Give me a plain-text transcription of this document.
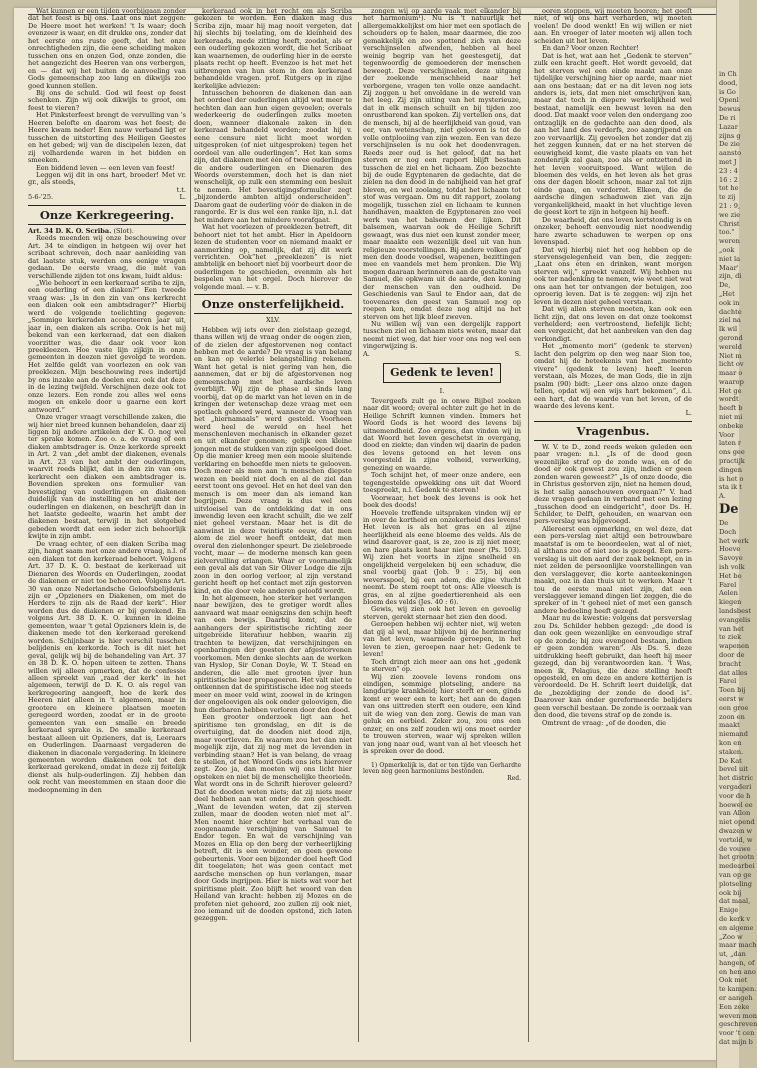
Wat kunnen er een tijden voorbijgaan zonder dat het feest is bij ons. Laat ons niet zeggen: De Heere moet het werken! 't Is waar; doch evenzeer is waar, en dit drukke ons, zonder dat het eerste ons ruste geeft, dat het onze onrechtigheden zijn, die eene scheiding maken tusschen ons en onzen God, onze zonden, die het aangezicht des Heeren van ons verbergen, en — dat wij het buiten de aanvoeling van Gods gemeenschap zoo lang en dikwijls zoo goed kunnen stellen.

Bij ons de schuld. God wil feest op feest schenken. Zijn wij ook dikwijls te groot, om feest te vieren?

Het Pinksterfeest brengt de vervulling van 's Heeren belofte en daarom was het feest; de Heere kwam neder! Een nauw verband ligt er tusschen de uitstorting des Heiligen Geestes en het gebed; wij van de discipelen lezen, dat zij volhardende waren in het bidden en smeeken.

Een biddend leven — een leven van feest!

Leggen wij dit in ons hart, broeder! Met vr. gr., als steeds,

t.t.
5-6-'25.	L.
Onze Kerkregeering.

Art. 34 D. K. O. Scriba. (Slot).

Reeds meenden wij onze beschouwing over Art. 34 te eindigen in hetgeen wij over het scribaat schreven, doch naar aanleiding van dat laatste stuk, werden ons eenige vragen gedaan. De eerste vraag, die mèt van verschillende zijden tot ons kwam, luidt aldus:

„Wie behoort in een kerkeraad scriba te zijn, een ouderling of een diaken?” Een tweede vraag was: „Is in den zin van ons kerkrecht een diaken ook een ambtsdrager?” Hierbij werd de volgende toelichting gegeven: „Sommige kerkeraden accepteeren jaar uit, jaar in, een diaken als scriba. Ook is het mij bekend van een kerkeraad, dat een diaken voorzitter was, die daar ook voor kon preekleezen. Hoe vaste lijn zijkijn in onze gemeenten in deezen niet gevolgd te worden. Het zelfde geldt van voorlezen en ook van preeklezen. Mijn beschouwing rees indertijd by ons inzake aan de doelen enz. ook dat deze in de lezing twijfeld. Verschijnen deze ook tot onze lezers. Een ronde zou alles wel eens mogen en enkele door u gaarne een kort antwoord.”

Onze vrager vraagt verschillende zaken, die wij hier niet breed kunnen behandelen, daar zij liggen bij andere artikelen der K. O. nog wel ter sprake komen. Zoo o. a. de vraag of een diaken ambtsdrager is. Onze kerkorde spreekt in Art. 2 van „det ambt der diakenen, evenals in Art. 23 van het ambt der ouderlingen, waarvit reeds blijkt, dat in den zin van ons kerkrecht een diaken een ambtsdrager is. Bovendien spreken ons formulier van bevestiging van ouderlingen en diakenen duidelijk van de instelling en het ambt der ouderlingen en diakenen, en beschrijft dan in het laatste gedeelte, waarin het ambt der diakenen bestaat, terwijl in het slotgebed gebeden wordt dat een ieder zich behoorlijk kwijte in zijn ambt.

De vraag echter, of een diaken Scriba mag zijn, hangt saam met onze andere vraag, n.l. of een diaken tot den kerkeraad behoort. Volgens Art. 37 D. K. O. bestaat de kerkeraad uit Dienaren des Woords en Ouderlingen, zoodat de diakenen er niet toe behooren. Volgens Art. 30 van onze Nederlandsche Geloofsbelijdenis zijn er „Opzieners en Diakenen, om met de Herders te zijn als de Raad der kerk”. Hier worden dus de diakenen er bij gerekend. En volgens Art. 38 D. K. O. kunnen in kleine gemeenten, waar 't getal Opzieners klein is, de diakenen mede tot den kerkeraad gerekend worden. Schijnbaar is hier verschil tusschen belijdenis en kerkorde. Toch is dit niet het geval, gelijk wij bij de behandeling van Art. 37 en 38 D. K. O. hopen uiteen te zetten. Thans willen wij alleen opmerken, dat de confessie alleen spreekt van „raad der kerk” in het algemeen, terwijl de D. K. O. als regel van kerkregeering aangeeft, hoe de kerk des Heeren niet alleen in 't algemeen, maar in grootere en kleinere plaatsen moeten geregeerd worden, zoodat er in de groote gemeenten van een smalle en breede kerkeraad sprake is. De smalle kerkeraad bestaat alleen uit Opzieners, dat is, Leeraars en Ouderlingen. Daarnaast vergaderen de diakenen in diaconale vergadering. In kleinere gemeenten worden diakenen ook tot den kerkeraad gerekend, omdat in deze zij feitelijk dienst als hulp-ouderlingen. Zij hebben dan ook recht van meestemmen en staan door die medeopneming in den

kerkeraad ook in het recht om als Scriba gekozen te worden. Een diaken mag dus Scriba zijn, maar hij mag nooit vergeten, dat hij slechts bij toelating, om de kleinheid des kerkeraads, mede zitting heeft, zoodat, als er een ouderling gekozen wordt, die het Scribaat kan waarnemen, de ouderling hier in de eerste plaats recht op heeft. Evenzoo is het met het uitbrengen van hun stem in den kerkeraad behandelde vragen. prof. Rutgers op in zijne kerkelijke adviezen:

Intusschen behooren de diakenen dan aan het oordeel der ouderlingen altijd wat meer te hechten dan aan hun eigen gevoelen; overals wederkeerig de ouderlingen zulks moeten doen, wanneer diakonale zaken in den kerkeraad behandeld worden; zoodat hij v. eene censure niet licht moet worden uitgesproken (of niet uitgesproken) tegen het oordeel van alle ouderlingen”. Het kan soms zijn, dat diakenen met één of twee ouderlingen de andere ouderlingen en Dienaren des Woords overstemmen, doch het is dan niet wenschelijk, op zulk een stemming een besluit te nemen. Het bevestigingsformulier zegt „bijzonderde ambten altijd onderscheiden”. Daarom gaat de ouderling vóór de diaken in de rangorde. Er is dus wel een ranke lijn, n.l. dat het mindere aan het mindere voorafgaat.

Wat het voorlezen of preeklezen betreft, dit behoort niet tot het ambt. Hier in Apeldoorn lezen de studenten voor en niemand maakt er aanmerking op, namelijk, dat zij dit werk verrichten. Ook”het „preeklezen” is niet ambtelijk en behoort niet bij voorbeurt door de ouderlingen te geschieden, evenmin als het bespelen van het orgel. Doch hierover de volgende maal. — v. B.

Onze onsterfelijkheid.
XLV.

Hebben wij iets over den zielstaap gezegd, thans willen wij de vraag onder de oogen zien, of de zielen der afgestorvenen nog contact hebben met de aarde? De vraag is van belang en kan op velerlei belangstelling rekenen. Want het getal is niet gering van hen, die aannemen, dat er bij de afgestorvenen nog gemeenschap met het aardsche leven overblijft. Wij zijn de phase al sinds lang voorbij, dat op de markt van het leven en in de kringen der wetenschap deze vraag met een spotlach gehoord werd, wanneer de vraag van het „hiernamaals” werd gesteld. Voorheen werd heel de wereld en heel het menschenleven mechanisch in elkander gezet en uit elkander genomen; gelijk een kleine jongen met de stukken van zijn speelgoed doet. Op die manier kreeg men een mooie sluitende verklaring en behoefde men niets te gelooven. Doch meer als men aan 'n menschen diepste wezen en beeld niet doch en al de ziel dan eerst toont ons gevoel. Het en het deel van den mensch is om meer dan als iemand kan begrijpen. Deze vraag is dus wel een uitvloeisel van de ontdekking dat in ons inwendig leven een kracht schuilt, die we zelf niet geheel verstaan. Maar het is dit de aanwinst in deze twintigste eeuw, dat men alom de ziel weer heeft ontdekt, dat men overal den zielenhonger speurt. De zielebroede vocht, maar — de moderne mensch kan geen zielvervulling erlangen. Waar er voornamelijk een geval als dat van Sir Oliver Lodge die zijn zoon in den oorlog verloor, al zijn verstand gericht heeft op het contact met zijn gestorven kind, en die door vele anderen geloofd wordt.

In het algemeen, hoe sterker het verlangen naar bewijzen, des te gretiger wordt alles aanvaard wat maar eenigszins den schijn heeft van een bewijs. Daarbij komt, dat de aanhangers der spiritistische richting zeer uitgebreide literatuur hebben, waarin zij trachten te bewijzen, dat verschijningen en openbaringen der geesten der afgestorvenen voorkomen. Men denke slechts aan de werken van Hyslop, Sir Conan Doyle, W. T. Stead en anderen, die alle met grooten ijver hun spiritistische leer propageeren. Het valt niet te ontkennen dat de spiritistische idee nog steeds meer en meer veld wint, zoowel in de kringen der ongeloovigen als ook onder geloovigen, die hun dierbaren hebben verloren door den dood.

Een grooter onderzoek ligt aan het spiritisme ten grondslag, en dit is de overtuiging, dat de dooden niet dood zijn, maar voortleven. En waarom zou het dan niet mogelijk zijn, dat zij nog met de levenden in verbinding staan? Het is van belang, de vraag te stellen, of het Woord Gods ons iets hierover zegt. Zoo ja, dan moeten wij ons licht hier opsteken en niet bij de menschelijke theorieën. Wat wordt ons in de Schrift hierover geleerd? Dat de dooden weten niets; dat zij niets meer deel hebben aan wat onder de zon geschiedt. „Want de levenden weten, dat zij sterven zullen, maar de dooden weten niet met al”. Men noemt hier echter het verhaal van de zoogenaamde verschijning van Samuel te Endor tegen. En wat de verschijning van Mozes en Elia op den berg der verheerlijking betreft, dit is een wonder, en geen gewone gebeurtenis. Voor een bijzonder doel heeft God dit toegelaten; het was geen contact met aardsche menschen op hun verlangen, maar door Gods ingrijpen. Hier is niets wat voor het spiritisme pleit. Zoo blijft het woord van den Heiland van kracht: hebben zij Mozes en de profeten niet gehoord, zoo zullen zij ook niet, zoo iemand uit de dooden opstond, zich laten gezeggen.

zongen wij op aarde vaak met elkander bij het harmonium¹). Nu is 't natuurlijk het allergemakkelijkst om hier met een spotlach de schouders op te halen, maar daarmee, die zoo gemakkelijk en zoo spottend zich van deze verschijnselen afwenden, hebben al heel weinig begrip van het geestesgetij, dat tegenwoordig de gemoederen der menschen beweegt. Deze verschijnselen, deze uitgang der zoekende menschheid naar het verborgene, vragen ten volle onze aandacht. Zij zoggen u het onvoldane in de wereld van het leeg. Zij zijn uiting van het mysterieuze, dat in elk mensch schuilt en bij tijden zoo onrustbarend kan spoken. Zij vertellen ons, dat de mensch, bij al de heerlijkheid van goud, van eer, van wetenschap, niet gelooven is tot de volle ontplooiing van zijn wezen. Een van deze verschijnselen is nu ook het doodenvragen. Reeds zeer oud is het geloof, dat na het sterven er nog een rapport blijft bestaan tusschen de ziel en het lichaam. Zoo bezochte bij de oude Egyptenaren de gedachte, dat de zielen na den dood in de nabijheid van het graf bleven, en wel zoolang, totdat het lichaam tot stof was vergaan. Om nu dit rapport, zoolang mogelijk, tusschen ziel en lichaam te kunnen handhaven, maakten de Egyptenaren zoo veel werk van het balsemen der lijken. Dit balsemen, waarvan ook de Heilige Schrift gewaagt, was dus niet een kunst zonder meer, maar maakte een wezenlijk deel uit van hun religieuze voorstellingen. Bij andere volken gaf men den doode voedsel, wapenen, bezittingen mee en vaandels met hem pronken. Die Wij mogen daaraan herinneren aan de gestalte van Samuel, die opkwam uit de aarde, den koning der menschen van den oudheid. De Geschiedenis van Saul te Endor aan, dat de toovenares den geest van Samuel nog op roepen kon, omdat deze nog altijd na het sterven om het lijk bleef zweven.

Nu willen wij van een dergelijk rapport tusschen ziel en lichaam niets weten, maar dat neemt niet weg, dat hier voor ons nog wel een vingerwijzing is.

A.	S.
Gedenk te leven!
I.

Tevergeefs zult ge in onwe Bijbel zoeken naar dit woord; overal echter zult ge het in de Heilige Schrift kunnen vinden. Immers het Woord Gods is het woord des levens bij uitnemendheid. Zoo ergens, dan vinden wij in dat Woord het leven geschetst in overgang, dood en ziekte; dan vinden wij daarin de paden des levens getoond en het leven ons voorgesteld in zijne volheid, verwerking, genezing en waarde.

Toch schijnt het, of meer onze andere, een tegengestelde opwekking ons uit dat Woord toespreekt, n.l. Gedenk te sterven!

Voorwaar, het boek des levens is ook het boek des doods!

Hoevele treffende uitspraken vinden wij er in over de kortheid en onzekerheid des levens! Het leven is als het gras en al zijne heerlijkheid als eene bloeme des velds. Als de wind daarover gaat, is ze, zoo is zij niet meer, en hare plaats kent haar niet meer (Ps. 103). Wij zien het voorts in zijne snelheid en ongelijkheid vergeleken bij een schaduw, die snel voorbij gaat (Job. 9 : 25), bij een weversspoel, bij een adem, die zijne vlucht neemt. De stem roept tot ons: Alle vleesch is gras, en al zijne goedertierenheid als een bloem des velds (Jes. 40 : 6).

Gewis, wij zien ook het leven en gevoelig sterven, gerekt sternaar het zien den dood.

Geroepen hebben wij echter niet, wij weten dat gij al wel, maar blijven bij de herinnering van het leven, waarmede geroepen, in het leven te zien, geroepen naar het: Gedenk te leven!

Toch dringt zich meer aan ons het „gedenk te sterven” op.

Wij zien zoovele levens rondom ons eindigen, sommige plotseling, andere na langdurige krankheid; hier sterft er een, ginds komt er weer een te kort; het aan de dagen van ons uittreden sterft een oudere, een kind uit de wieg van den zorg. Gewis de man van geluk en eerbied. Zeker zou, zou ons een onzer, en ons zelf zouden wij ons moet eerder te trouwen sterven, waar wij spreken willen van jong naar oud, want van al het vleesch het is spreken over de dood.

1) Opmerkelijk is, dat er ten tijde van Gerhardte leven nog geen harmoniums bestonden.

Red.

ooren stoppen, wij moeten hooren; het geeft niet, of wij ons hart verharden, wij moeten voelen! De dood wenkt! En wij willen er niet aan. En vroeger of later moeten wij allen toch scheiden uit het leven.

En dan? Voor onzen Rechter!

Dat is het, wat aan het „Gedenk te sterven” zulk een kracht geeft. Het wordt gevoeld, dat het sterven wel een einde maakt aan onze tijdelijke verschijning hier op aarde, maar niet aan ons bestaan; dat er na dit leven nog iets anders is, iets, dat men niet omschrijven kan, maar dat toch in diepere werkelijkheid wel bestaat, namelijk een bewust leven na den dood. Dat maakt voor velen den ondergang zoo ontzaglijk en de gedachte aan den dood, als aan het land des verderfs, zoo aangrijpend en zoo vervaarlijk. Zij gevoelen het zonder dat zij het zeggen kunnen, dat er na het sterven de eeuwigheid komt, die vaste plaats en van het zondenrijk zal gaan, zoo als er ontzettend in het leven vooruitspoed. Want wijlen de bloemen des velds, en het leven als het gras ons der dagen bloeit schoon, maar zal tot zijn einde gaan, en verdorret. Elkeen, die de aardsche dingen schaduwen ziet van zijn vergankelijkheid, maakt in het vluchtige leven de geest kort te zijn in hetgeen hij heeft.

De waarheid, dat ons leven kortstondig is en onzeker, behoeft eenvoudig niet noodwendig hare zwarte schaduwen te werpen op ons levenspad.

Dat wij hierbij niet het oog hebben op de stervensgelegenheid van ben, die zeggen: „Laat ons eten en drinken, want morgen sterven wij,” spreekt vanzelf. Wij hebben nu ook ter nadenking te nemen, wie weet niet wat ons aan het ter ontvangen der betuigen, zoo oproerig leven. Dat is te zeggen: wij zijn het leven in dezen niet geheel verstaan.

Dat wij allen sterven moeten, kan ook een licht zijn, dat ons leven en dat onze toekomst verhelderd; een vertroostend, liefelijk licht; een vergezicht, dat het aanbreken van den dag verkondigt.

Het „momento mori” (gedenk te sterven) lacht den pelgrim op den weg naar Sion toe, omdat hij de beteekenis van het „memento vivere” (gedenk te leven) heeft leeren verstaan, als Mozes, de man Gods, die in zijn psalm (90) bidt: „Leer ons alzoo onze dagen tellen, opdat wij een wijs hart bekomen”, d.i. een hart, dat de waarde van het leven, of de waarde des levens kent.

L.
Vragenbus.

W. V. te D., zond reeds weken geleden een paar vragen: n.l. „Is of de dood geen wezenlijke straf op de zonde was, en of de dood er ook gewest zou zijn, indien er geen zonden waren geweest?” „Is of onze doode, die in Christus gestorven zijn, niet na hemen doud, is het salig aanschouwen overgaan?” V. had deze vragen gedaan in verband met een lezing „tusschen dood en eindgericht”, door Ds. H. Schilder, te Delft, gehouden, en waarvan een pers-verslag was bijgevoegd.

Allereerst een opmerking, en wel deze, dat een pers-verslag niet altijd een betrouwbare maatstaf is om te beoordeelen, wat al of niet, al althans zoo of niet zoo is gezegd. Een pers-verslag is uit den aard der zaak beknopt, en in niet zelden de persoonlijke voorstellingen van den verslaggever, die korte aanteekeningen maakt, ooz in dan thuis uit te werken. Maar 't tou de eerste maal niet zijn, dat een verslaggever iemand dingen liet zeggen, die de spreker of in 't geheel niet of met een gansch andere bedoeling heeft gezegd.

Maar nu de kwestie: volgens dat persverslag zou Ds. Schilder hebben gezegd: „de dood is dan ook geen wezenlijke en eenvoudige straf op de zonde; bij zou evengoed bestaan, indien er geen zonden waren”. Als Ds. S. deze uitdrukking heeft gebruikt, dan heeft hij meer gezegd, dan bij verantwoorden kan. 't Was, meen ik, Pelagius, die deze stelling heeft opgesteld, en om deze en andere ketterijen is veroordeeld. De H. Schrift leert duidelijk, dat de „bezoldiging der zonde de dood is”. Daarover kan onder gereformeerde belijders geen verschil bestaan. De zonde is oorzaak van den dood, die tevens straf op de zonde is.

Omtrent de vraag: „of de dooden, die

in Ch
dood,
is Go
Openl
bewus
De ri
Lazar
zijns g
De zie
aansto
met J
23 : 4
16 : 2
tot he
te zij
21 : 9,
we zie
Christ
too."
weren
„ook
niet la
Maar'
zijn, di
De,
„Het
ook in
dachte
ziel na
lk wil
gerond
wereld
Niet m
licht ov
maar o
waarop
Het ge
wordt
heeft b
niet mi
onbeke
Voor
laten r
ons gee
practijk
dingen
is het o
sta ik t
A.
De
De
Doch
het werk
Hoeve
Savoye
ish volk
Het bo
Farel
Aelen
kiegen
landsbest
evangelis
van het
te ziek
wapenen
door de
bracht
dat alles
Farel
Toen bij
eerst w
een groe
zoon en
maakt
niemand
kon en
staken.
De Kat
bevel uit
het distric
vergaderi
voor de h
hoewel ee
van Allon
niet opend
dwazen w
vorteld, w
de vouwe
het grootn
medearbei
van op ge
plotseling
ook bij
dat maal,
Enige
de kerk v
en algeme
„Zoo w
maar mach
ut, „dan
hangen, of
en hen ano
Ook met
te kampen.
er aangeh
Een zeke
weven mon
geschreven
voor 't cen
dat mijn b
